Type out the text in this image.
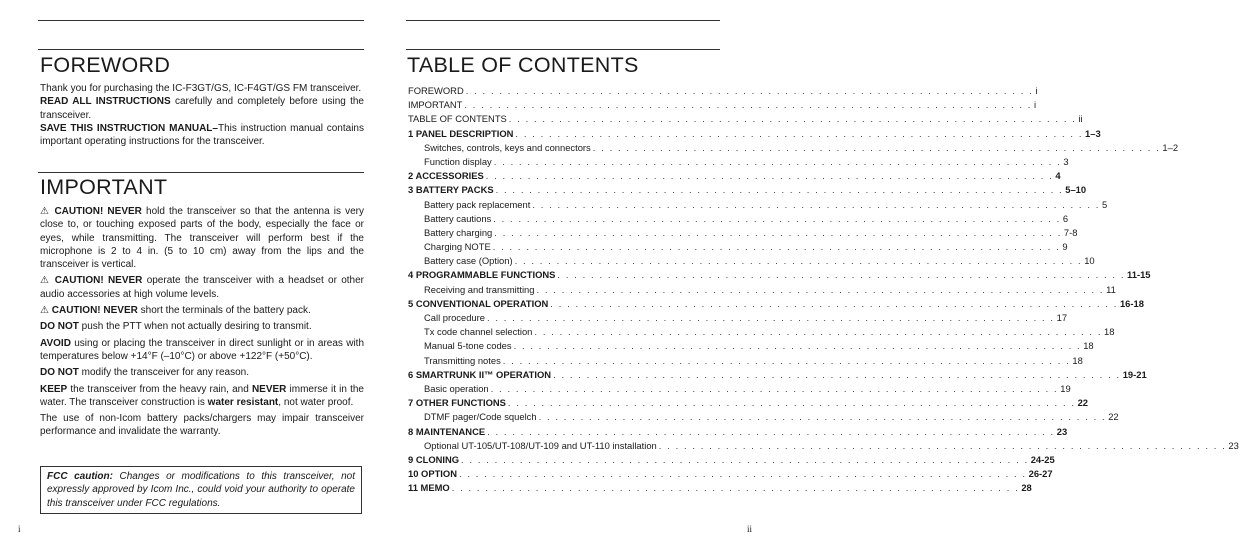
FOREWORD

Thank you for purchasing the IC-F3GT/GS, IC-F4GT/GS FM transceiver.

READ ALL INSTRUCTIONS carefully and completely before using the transceiver.

SAVE THIS INSTRUCTION MANUAL–This instruction manual contains important operating instructions for the transceiver.

IMPORTANT

⚠ CAUTION! NEVER hold the transceiver so that the antenna is very close to, or touching exposed parts of the body, especially the face or eyes, while transmitting. The transceiver will perform best if the microphone is 2 to 4 in. (5 to 10 cm) away from the lips and the transceiver is vertical.

⚠ CAUTION! NEVER operate the transceiver with a headset or other audio accessories at high volume levels.

⚠ CAUTION! NEVER short the terminals of the battery pack.

DO NOT push the PTT when not actually desiring to transmit.

AVOID using or placing the transceiver in direct sunlight or in areas with temperatures below +14°F (–10°C) or above +122°F (+50°C).

DO NOT modify the transceiver for any reason.

KEEP the transceiver from the heavy rain, and NEVER immerse it in the water. The transceiver construction is water resistant, not water proof.

The use of non-Icom battery packs/chargers may impair transceiver performance and invalidate the warranty.

FCC caution: Changes or modifications to this transceiver, not expressly approved by Icom Inc., could void your authority to operate this transceiver under FCC regulations.
i
TABLE OF CONTENTS
FOREWORD . . . . . . . . . . . . . . . . . . . . . . . . . . . . . . . . . . . . . . . . . . . . . . . . . . . . . . . . . . . . . . . . . . . . i
IMPORTANT . . . . . . . . . . . . . . . . . . . . . . . . . . . . . . . . . . . . . . . . . . . . . . . . . . . . . . . . . . . . . . . . . . . . i
TABLE OF CONTENTS . . . . . . . . . . . . . . . . . . . . . . . . . . . . . . . . . . . . . . . . . . . . . . . . . . . . . . . . . . . . . . . . . . . . ii
1 PANEL DESCRIPTION . . . . . . . . . . . . . . . . . . . . . . . . . . . . . . . . . . . . . . . . . . . . . . . . . . . . . . . . . . . . . . . . . . . . 1–3
Switches, controls, keys and connectors . . . . . . . . . . . . . . . . . . . . . . . . . . . . . . . . . . . . . . . . . . . . . . . . . . . . . . . . . . . . . . . . . . . . 1–2
Function display . . . . . . . . . . . . . . . . . . . . . . . . . . . . . . . . . . . . . . . . . . . . . . . . . . . . . . . . . . . . . . . . . . . . 3
2 ACCESSORIES . . . . . . . . . . . . . . . . . . . . . . . . . . . . . . . . . . . . . . . . . . . . . . . . . . . . . . . . . . . . . . . . . . . . 4
3 BATTERY PACKS . . . . . . . . . . . . . . . . . . . . . . . . . . . . . . . . . . . . . . . . . . . . . . . . . . . . . . . . . . . . . . . . . . . . 5–10
Battery pack replacement . . . . . . . . . . . . . . . . . . . . . . . . . . . . . . . . . . . . . . . . . . . . . . . . . . . . . . . . . . . . . . . . . . . . 5
Battery cautions . . . . . . . . . . . . . . . . . . . . . . . . . . . . . . . . . . . . . . . . . . . . . . . . . . . . . . . . . . . . . . . . . . . . 6
Battery charging . . . . . . . . . . . . . . . . . . . . . . . . . . . . . . . . . . . . . . . . . . . . . . . . . . . . . . . . . . . . . . . . . . . . 7-8
Charging NOTE . . . . . . . . . . . . . . . . . . . . . . . . . . . . . . . . . . . . . . . . . . . . . . . . . . . . . . . . . . . . . . . . . . . . 9
Battery case (Option) . . . . . . . . . . . . . . . . . . . . . . . . . . . . . . . . . . . . . . . . . . . . . . . . . . . . . . . . . . . . . . . . . . . . 10
4 PROGRAMMABLE FUNCTIONS . . . . . . . . . . . . . . . . . . . . . . . . . . . . . . . . . . . . . . . . . . . . . . . . . . . . . . . . . . . . . . . . . . . . 11-15
Receiving and transmitting . . . . . . . . . . . . . . . . . . . . . . . . . . . . . . . . . . . . . . . . . . . . . . . . . . . . . . . . . . . . . . . . . . . . 11
5 CONVENTIONAL OPERATION . . . . . . . . . . . . . . . . . . . . . . . . . . . . . . . . . . . . . . . . . . . . . . . . . . . . . . . . . . . . . . . . . . . . 16-18
Call procedure . . . . . . . . . . . . . . . . . . . . . . . . . . . . . . . . . . . . . . . . . . . . . . . . . . . . . . . . . . . . . . . . . . . . 17
Tx code channel selection . . . . . . . . . . . . . . . . . . . . . . . . . . . . . . . . . . . . . . . . . . . . . . . . . . . . . . . . . . . . . . . . . . . . 18
Manual 5-tone codes . . . . . . . . . . . . . . . . . . . . . . . . . . . . . . . . . . . . . . . . . . . . . . . . . . . . . . . . . . . . . . . . . . . . 18
Transmitting notes . . . . . . . . . . . . . . . . . . . . . . . . . . . . . . . . . . . . . . . . . . . . . . . . . . . . . . . . . . . . . . . . . . . . 18
6 SMARTRUNK II™ OPERATION . . . . . . . . . . . . . . . . . . . . . . . . . . . . . . . . . . . . . . . . . . . . . . . . . . . . . . . . . . . . . . . . . . . . 19-21
Basic operation . . . . . . . . . . . . . . . . . . . . . . . . . . . . . . . . . . . . . . . . . . . . . . . . . . . . . . . . . . . . . . . . . . . . 19
7 OTHER FUNCTIONS . . . . . . . . . . . . . . . . . . . . . . . . . . . . . . . . . . . . . . . . . . . . . . . . . . . . . . . . . . . . . . . . . . . . 22
DTMF pager/Code squelch . . . . . . . . . . . . . . . . . . . . . . . . . . . . . . . . . . . . . . . . . . . . . . . . . . . . . . . . . . . . . . . . . . . . 22
8 MAINTENANCE . . . . . . . . . . . . . . . . . . . . . . . . . . . . . . . . . . . . . . . . . . . . . . . . . . . . . . . . . . . . . . . . . . . . 23
Optional UT-105/UT-108/UT-109 and UT-110 installation . . . . . . . . . . . . . . . . . . . . . . . . . . . . . . . . . . . . . . . . . . . . . . . . . . . . . . . . . . . . . . . . . . . . 23
9 CLONING . . . . . . . . . . . . . . . . . . . . . . . . . . . . . . . . . . . . . . . . . . . . . . . . . . . . . . . . . . . . . . . . . . . . 24-25
10 OPTION . . . . . . . . . . . . . . . . . . . . . . . . . . . . . . . . . . . . . . . . . . . . . . . . . . . . . . . . . . . . . . . . . . . . 26-27
11 MEMO . . . . . . . . . . . . . . . . . . . . . . . . . . . . . . . . . . . . . . . . . . . . . . . . . . . . . . . . . . . . . . . . . . . . 28
ii
